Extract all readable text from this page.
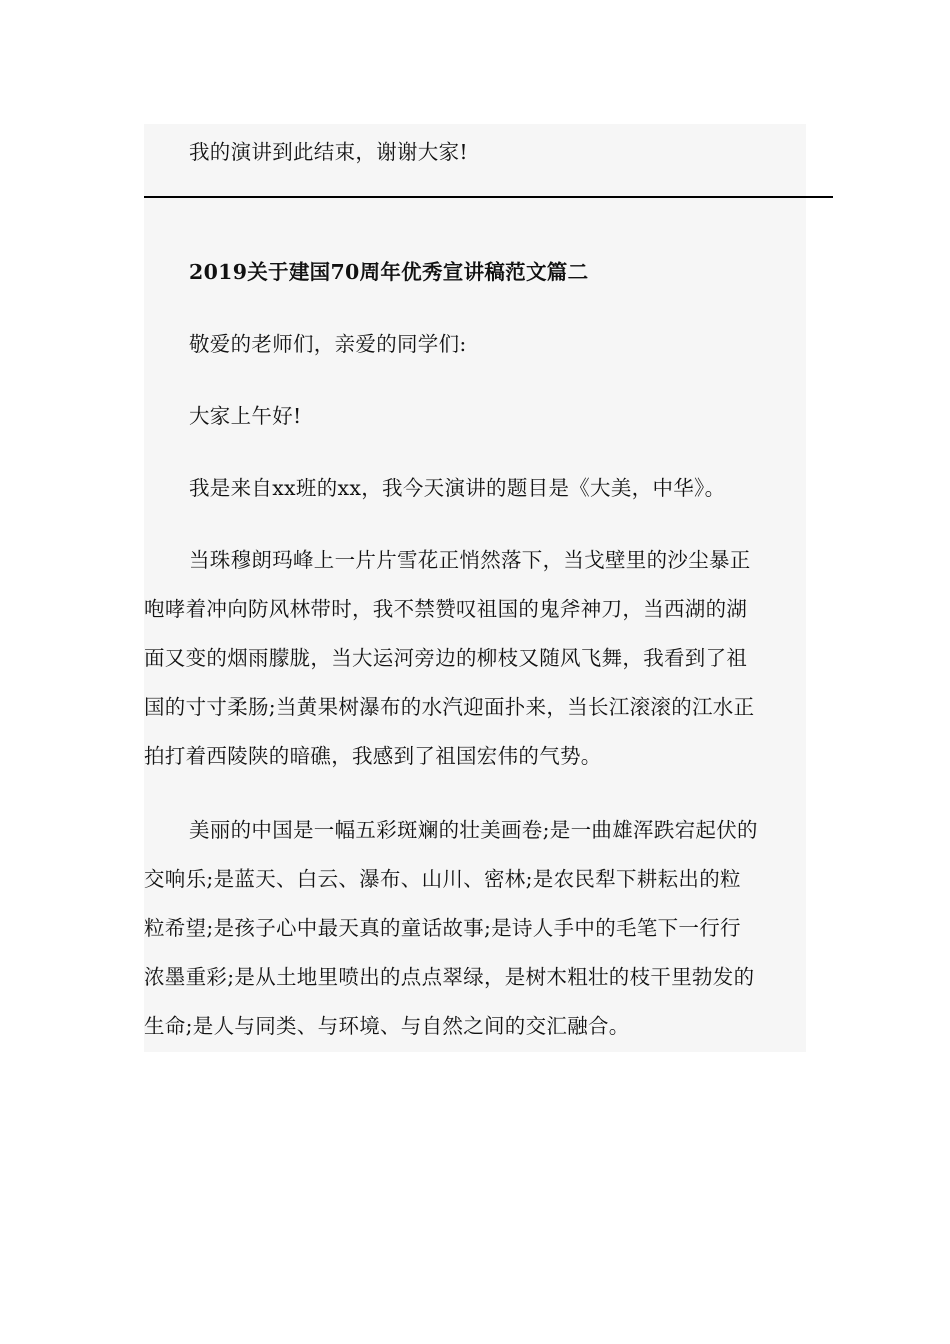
我的演讲到此结束，谢谢大家!
2019关于建国70周年优秀宣讲稿范文篇二
敬爱的老师们，亲爱的同学们:
大家上午好!
我是来自xx班的xx，我今天演讲的题目是《大美，中华》。
当珠穆朗玛峰上一片片雪花正悄然落下，当戈壁里的沙尘暴正
咆哮着冲向防风林带时，我不禁赞叹祖国的鬼斧神刀，当西湖的湖
面又变的烟雨朦胧，当大运河旁边的柳枝又随风飞舞，我看到了祖
国的寸寸柔肠;当黄果树瀑布的水汽迎面扑来，当长江滚滚的江水正
拍打着西陵陕的暗礁，我感到了祖国宏伟的气势。
美丽的中国是一幅五彩斑斓的壮美画卷;是一曲雄浑跌宕起伏的
交响乐;是蓝天、白云、瀑布、山川、密林;是农民犁下耕耘出的粒
粒希望;是孩子心中最天真的童话故事;是诗人手中的毛笔下一行行
浓墨重彩;是从土地里喷出的点点翠绿，是树木粗壮的枝干里勃发的
生命;是人与同类、与环境、与自然之间的交汇融合。
